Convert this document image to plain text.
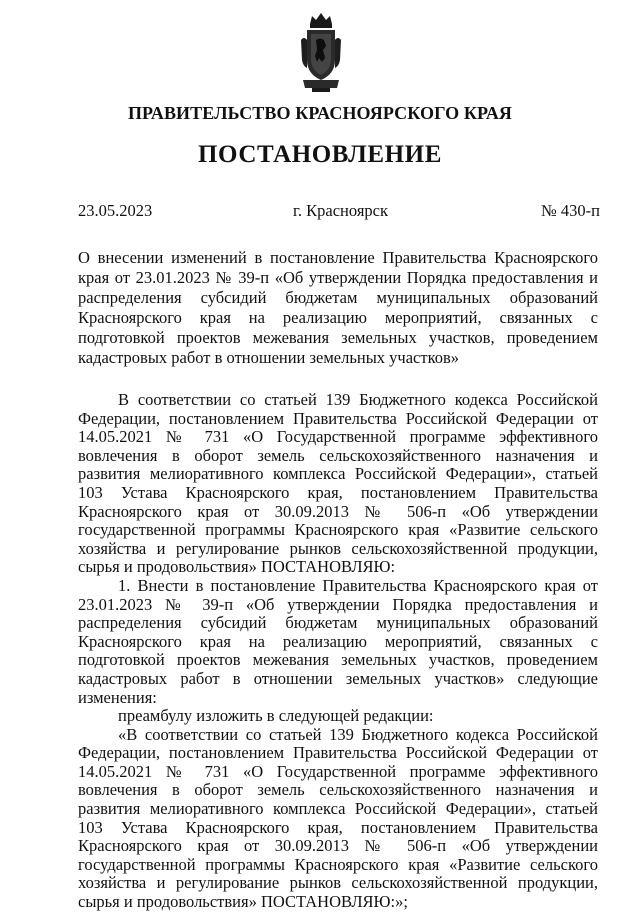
ПРАВИТЕЛЬСТВО КРАСНОЯРСКОГО КРАЯ
ПОСТАНОВЛЕНИЕ
23.05.2023	г. Красноярск	№ 430-п
О внесении изменений в постановление Правительства Красноярского края от 23.01.2023 № 39-п «Об утверждении Порядка предоставления и распределения субсидий бюджетам муниципальных образований Красноярского края на реализацию мероприятий, связанных с подготовкой проектов межевания земельных участков, проведением кадастровых работ в отношении земельных участков»

В соответствии со статьей 139 Бюджетного кодекса Российской Федерации, постановлением Правительства Российской Федерации от 14.05.2021 № 731 «О Государственной программе эффективного вовлечения в оборот земель сельскохозяйственного назначения и развития мелиоративного комплекса Российской Федерации», статьей 103 Устава Красноярского края, постановлением Правительства Красноярского края от 30.09.2013 № 506-п «Об утверждении государственной программы Красноярского края «Развитие сельского хозяйства и регулирование рынков сельскохозяйственной продукции, сырья и продовольствия» ПОСТАНОВЛЯЮ:

1. Внести в постановление Правительства Красноярского края от 23.01.2023 № 39-п «Об утверждении Порядка предоставления и распределения субсидий бюджетам муниципальных образований Красноярского края на реализацию мероприятий, связанных с подготовкой проектов межевания земельных участков, проведением кадастровых работ в отношении земельных участков» следующие изменения:

преамбулу изложить в следующей редакции:

«В соответствии со статьей 139 Бюджетного кодекса Российской Федерации, постановлением Правительства Российской Федерации от 14.05.2021 № 731 «О Государственной программе эффективного вовлечения в оборот земель сельскохозяйственного назначения и развития мелиоративного комплекса Российской Федерации», статьей 103 Устава Красноярского края, постановлением Правительства Красноярского края от 30.09.2013 № 506-п «Об утверждении государственной программы Красноярского края «Развитие сельского хозяйства и регулирование рынков сельскохозяйственной продукции, сырья и продовольствия» ПОСТАНОВЛЯЮ:»;
